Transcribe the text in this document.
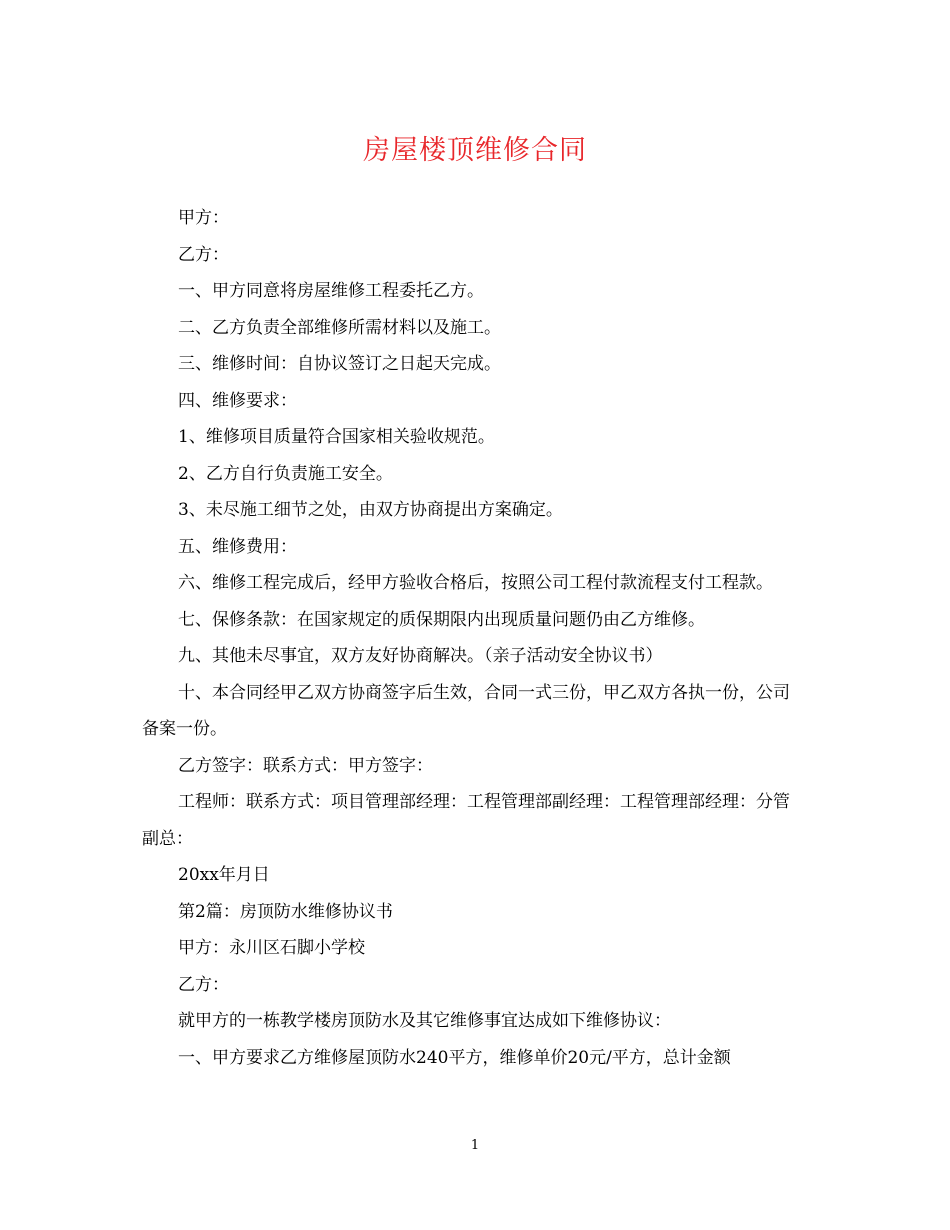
房屋楼顶维修合同

甲方：

乙方：

一、甲方同意将房屋维修工程委托乙方。

二、乙方负责全部维修所需材料以及施工。

三、维修时间：自协议签订之日起天完成。

四、维修要求：

1、维修项目质量符合国家相关验收规范。

2、乙方自行负责施工安全。

3、未尽施工细节之处，由双方协商提出方案确定。

五、维修费用：

六、维修工程完成后，经甲方验收合格后，按照公司工程付款流程支付工程款。

七、保修条款：在国家规定的质保期限内出现质量问题仍由乙方维修。

九、其他未尽事宜，双方友好协商解决。（亲子活动安全协议书）

十、本合同经甲乙双方协商签字后生效，合同一式三份，甲乙双方各执一份，公司备案一份。

乙方签字：联系方式：甲方签字：

工程师：联系方式：项目管理部经理：工程管理部副经理：工程管理部经理：分管副总：

20xx年月日

第2篇：房顶防水维修协议书

甲方：永川区石脚小学校

乙方：

就甲方的一栋教学楼房顶防水及其它维修事宜达成如下维修协议：

一、甲方要求乙方维修屋顶防水240平方，维修单价20元/平方，总计金额

1
